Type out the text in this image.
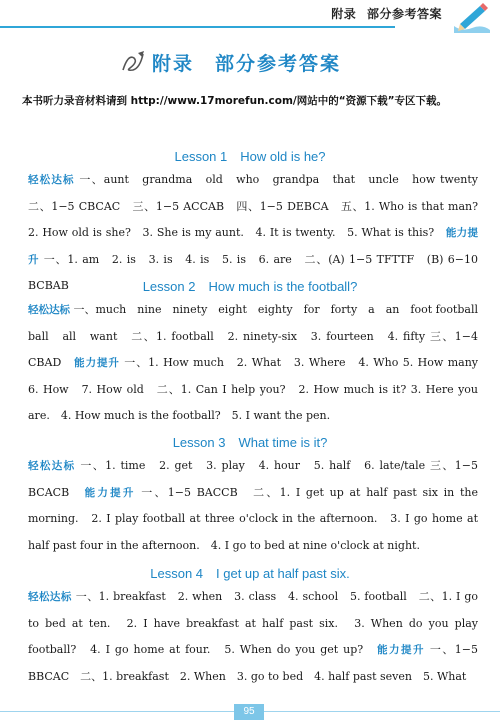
附录 部分参考答案
附录　部分参考答案
本书听力录音材料请到 http://www.17morefun.com/网站中的“资源下载”专区下载。
Lesson 1　How old is he?
轻松达标 一、aunt　grandma　old　who　grandpa　that　uncle　how twenty　二、1−5 CBCAC　三、1−5 ACCAB　四、1−5 DEBCA　五、1. Who is that man?　2. How old is she?　3. She is my aunt.　4. It is twenty.　5. What is this?　能力提升 一、1. am　2. is　3. is　4. is　5. is　6. are　二、(A) 1−5 TFTTF　(B) 6−10 BCBAB	Lesson 2　How much is the football?
轻松达标 一、much　nine　ninety　eight　eighty　for　forty　a　an　foot football　ball　all　want　二、1. football　2. ninety-six　3. fourteen　4. fifty 三、1−4 CBAD　能力提升 一、1. How much　2. What　3. Where　4. Who 5. How many　6. How　7. How old　二、1. Can I help you?　2. How much is it? 3. Here you are.　4. How much is the football?　5. I want the pen.
Lesson 3　What time is it?
轻松达标 一、1. time　2. get　3. play　4. hour　5. half　6. late/tale 三、1−5 BCACB　能力提升 一、1−5 BACCB　二、1. I get up at half past six in the morning.　2. I play football at three o'clock in the afternoon.　3. I go home at half past four in the afternoon.　4. I go to bed at nine o'clock at night.
Lesson 4　I get up at half past six.
轻松达标 一、1. breakfast　2. when　3. class　4. school　5. football　二、1. I go to bed at ten.　2. I have breakfast at half past six.　3. When do you play football?　4. I go home at four.　5. When do you get up?　能力提升 一、1−5 BBCAC　二、1. breakfast　2. When　3. go to bed　4. half past seven　5. What
95
